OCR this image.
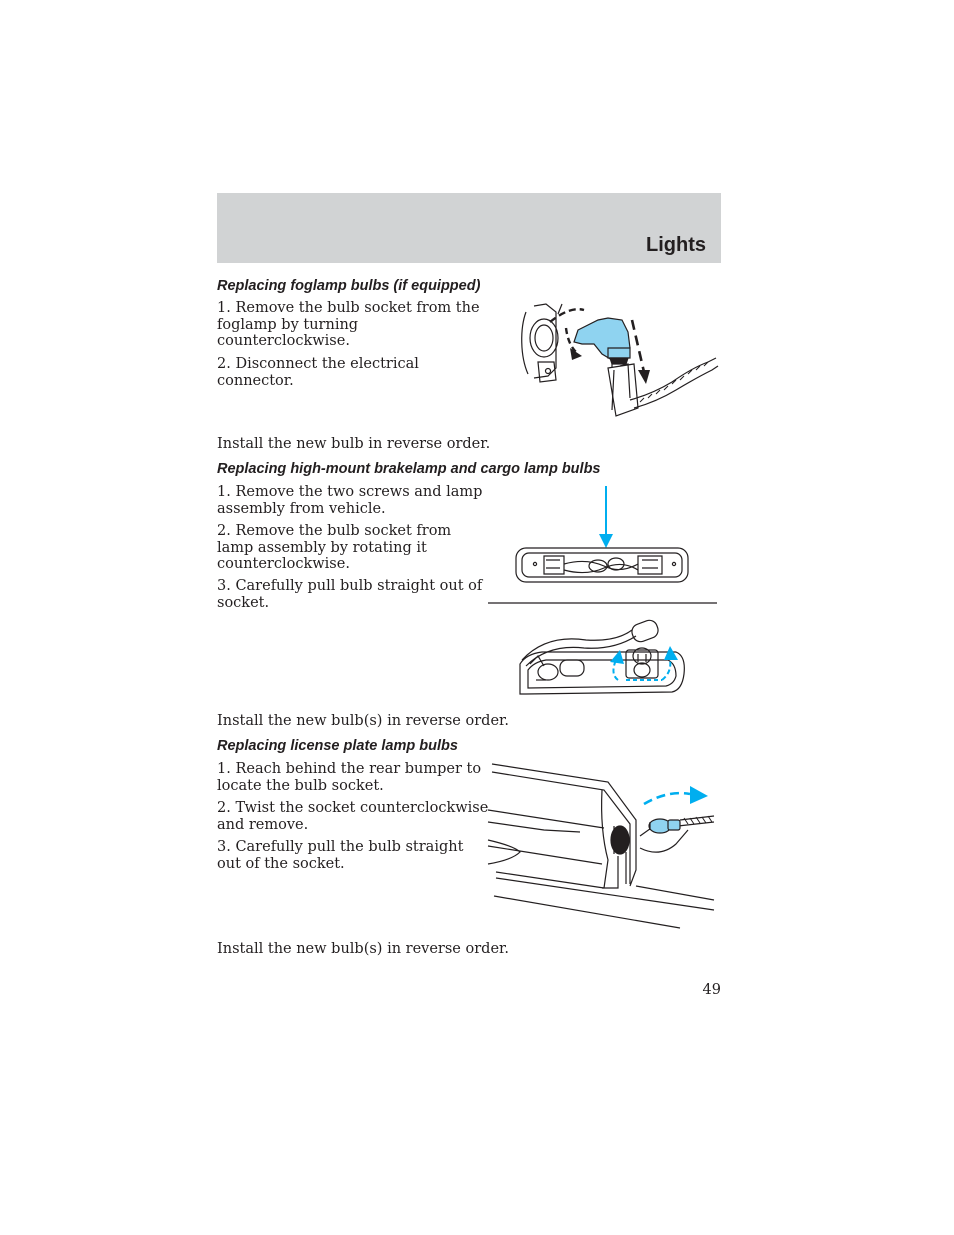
Lights
Replacing foglamp bulbs (if equipped)
1. Remove the bulb socket from the
foglamp by turning
counterclockwise.
2. Disconnect the electrical
connector.
Install the new bulb in reverse order.
Replacing high-mount brakelamp and cargo lamp bulbs
1. Remove the two screws and lamp
assembly from vehicle.
2. Remove the bulb socket from
lamp assembly by rotating it
counterclockwise.
3. Carefully pull bulb straight out of
socket.
Install the new bulb(s) in reverse order.
Replacing license plate lamp bulbs
1. Reach behind the rear bumper to
locate the bulb socket.
2. Twist the socket counterclockwise
and remove.
3. Carefully pull the bulb straight
out of the socket.
Install the new bulb(s) in reverse order.
49
